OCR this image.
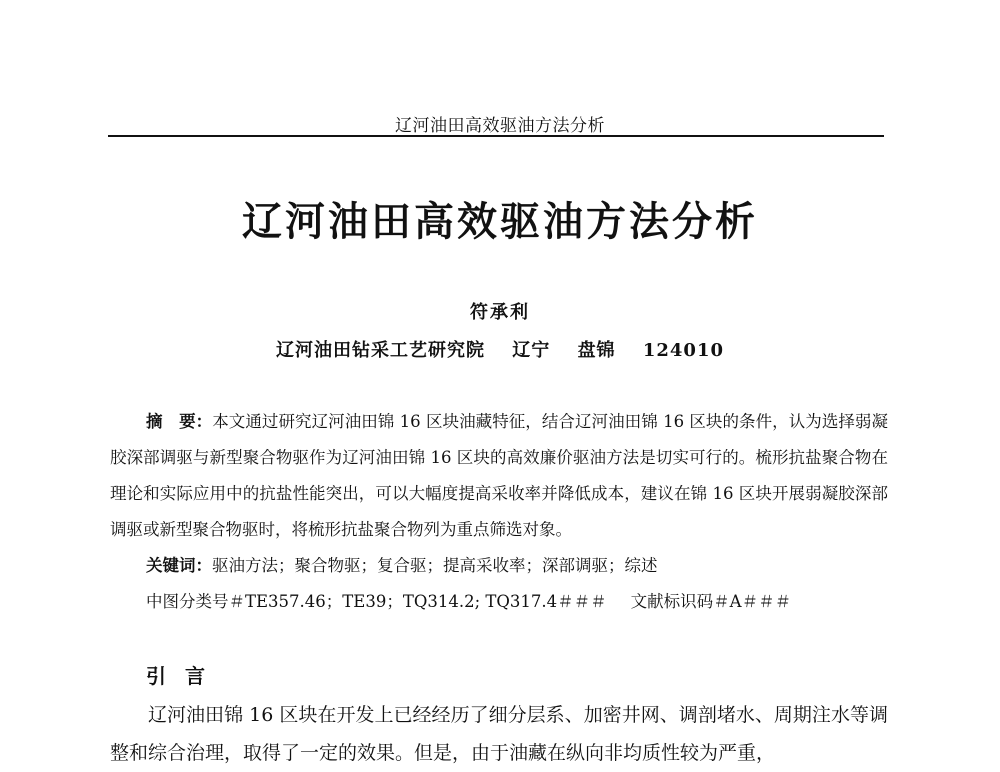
辽河油田高效驱油方法分析
辽河油田高效驱油方法分析
符承利
辽河油田钻采工艺研究院 辽宁 盘锦 124010
摘　要：本文通过研究辽河油田锦 16 区块油藏特征，结合辽河油田锦 16 区块的条件，认为选择弱凝胶深部调驱与新型聚合物驱作为辽河油田锦 16 区块的高效廉价驱油方法是切实可行的。梳形抗盐聚合物在理论和实际应用中的抗盐性能突出，可以大幅度提高采收率并降低成本，建议在锦 16 区块开展弱凝胶深部调驱或新型聚合物驱时，将梳形抗盐聚合物列为重点筛选对象。
关键词：驱油方法；聚合物驱；复合驱；提高采收率；深部调驱；综述
中图分类号＃TE357.46；TE39；TQ314.2; TQ317.4＃＃＃ 文献标识码＃A＃＃＃
引 言
辽河油田锦 16 区块在开发上已经经历了细分层系、加密井网、调剖堵水、周期注水等调整和综合治理，取得了一定的效果。但是，由于油藏在纵向非均质性较为严重，
